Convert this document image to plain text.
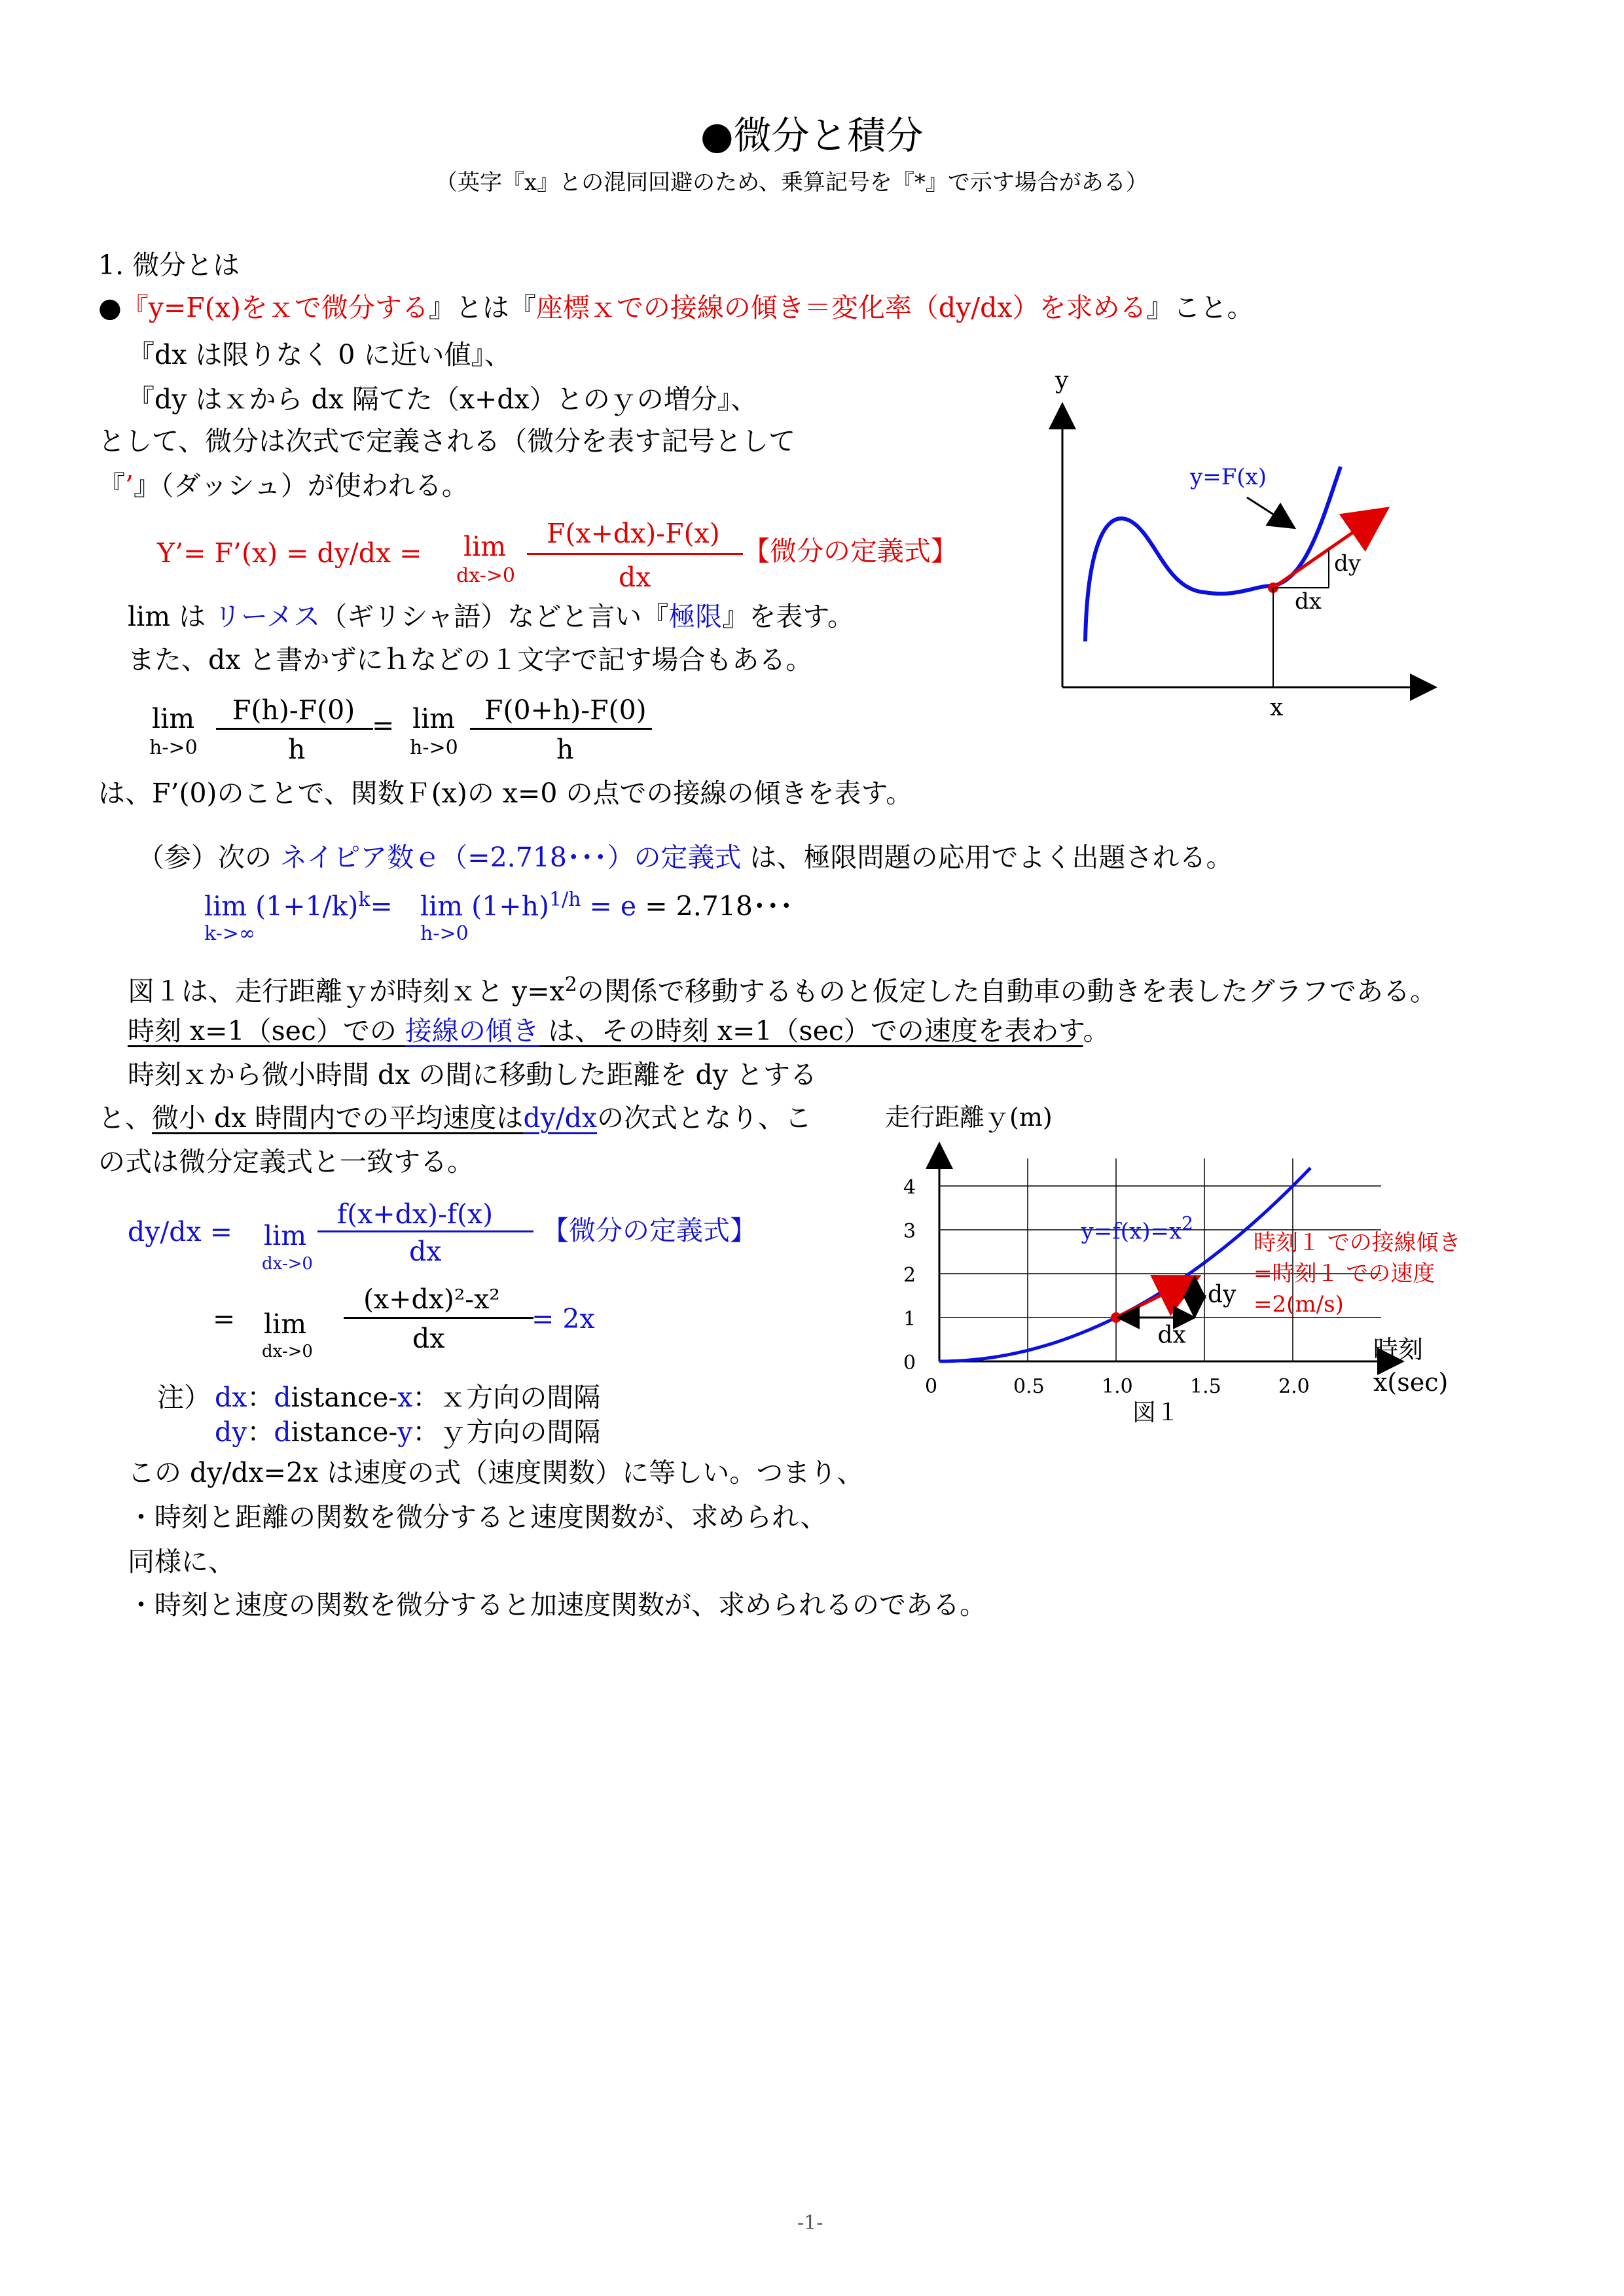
●微分と積分
（英字『x』との混同回避のため、乗算記号を『*』で示す場合がある）
1. 微分とは
●『y=F(x)をｘで微分する』とは『座標ｘでの接線の傾き＝変化率（dy/dx）を求める』こと。
『dx は限りなく 0 に近い値』、
『dy はｘから dx 隔てた（x+dx）とのｙの増分』、
として、微分は次式で定義される（微分を表す記号として
『’』（ダッシュ）が使われる。
Y’= F’(x) = dy/dx = lim
dx->0
F(x+dx)-F(x)
dx
【微分の定義式】
lim は リーメス（ギリシャ語）などと言い『極限』を表す。
また、dx と書かずにｈなどの１文字で記す場合もある。
lim
h->0
F(h)-F(0)
h
= lim
h->0
F(0+h)-F(0)
h
は、F’(0)のことで、関数Ｆ(x)の x=0 の点での接線の傾きを表す。
（参）次の ネイピア数ｅ（=2.718･･･）の定義式 は、極限問題の応用でよく出題される。
$\lim (1+1/k)^k=$
k->∞
$\lim (1+h)^{1/h} = e = 2.718$･･･
h->0
図１は、走行距離ｙが時刻ｘと $y=x^2$の関係で移動するものと仮定した自動車の動きを表したグラフである。
時刻 x=1（sec）での 接線の傾き は、その時刻 x=1（sec）での速度を表わす。
時刻ｘから微小時間 dx の間に移動した距離を dy とする
と、微小 dx 時間内での平均速度はdy/dxの次式となり、こ
の式は微分定義式と一致する。
dy/dx = lim
dx->0
f(x+dx)-f(x)
dx
【微分の定義式】
= lim
dx->0
(x+dx)²-x²
dx
= 2x
注） dx：distance-x：ｘ方向の間隔
dy：distance-y：ｙ方向の間隔
この dy/dx=2x は速度の式（速度関数）に等しい。つまり、
・時刻と距離の関数を微分すると速度関数が、求められ、
同様に、
・時刻と速度の関数を微分すると加速度関数が、求められるのである。
y
x
dy
dx
y=F(x)
走行距離ｙ(m)
0	0.5	1.0	1.5	2.0
0
1
2
3
4
dy
dx
$y=f(x)=x^2$
時刻１ での接線傾き
=時刻１ での速度
=2(m/s)
時刻
x(sec)
図１
-1-
